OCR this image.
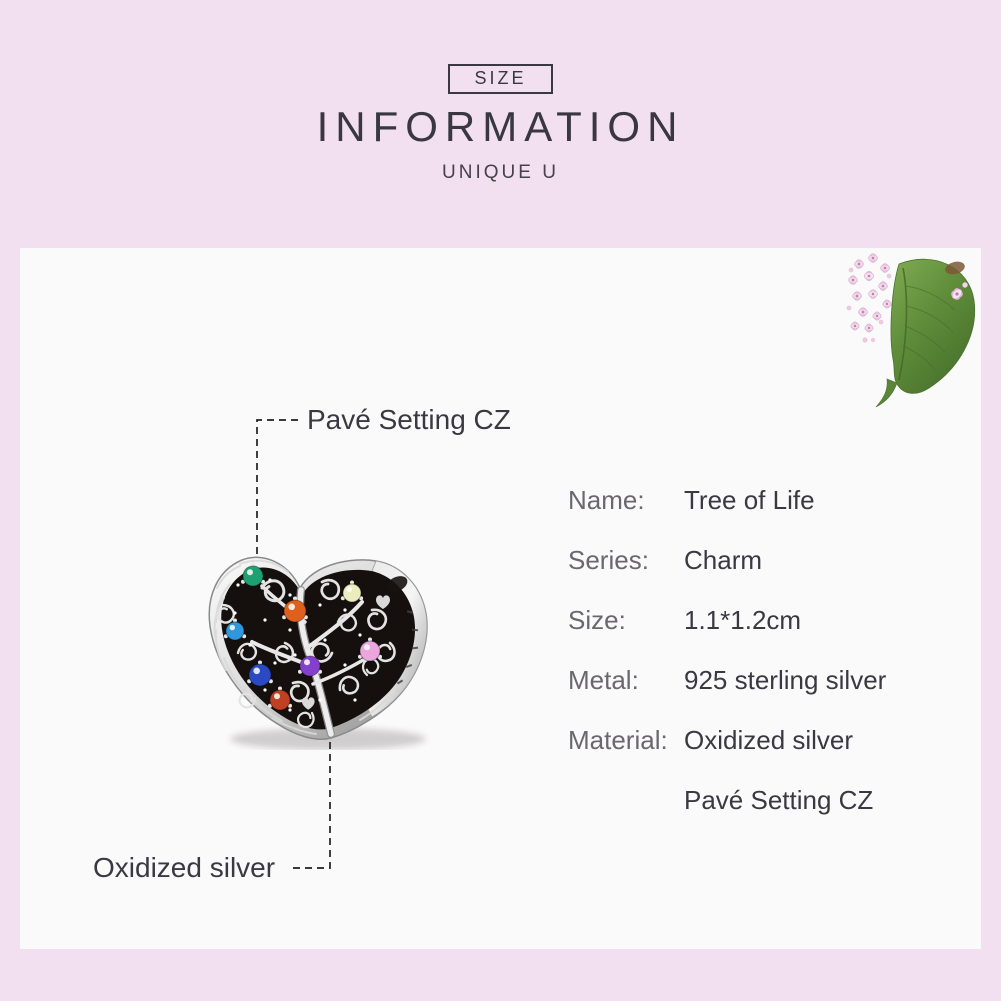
SIZE
INFORMATION
UNIQUE U
Pavé Setting CZ
Oxidized silver
Name:	Tree of Life
Series:	Charm
Size:	1.1*1.2cm
Metal:	925 sterling silver
Material: Oxidized silver
Pavé Setting CZ
